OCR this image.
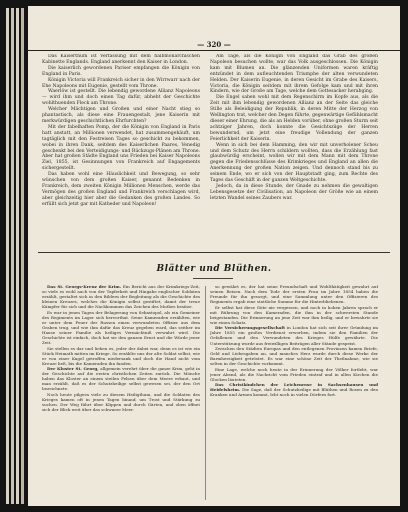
— 320 —

Das Kaiserthum ist Verfassung mit dem halbmonarchischen Kabinette Englands. England anerkennt den Kaiser in London.

Die kaiserlich gewordenen Pariser empfangen die Königin von England in Paris.

Königin Victoria will Frankreich sicher in den Wirrwarr nach der Ehe Napoleons mit Eugenie, gestellt vom Throne.

Waerlöw ist gestellt. Die lebendig gewordene Allianz Napoleons — wird ihm und doch einen Tag dafür, abhebt der Geschichte wohlthuenden Fleck am Throne.

Welcher Mächtigen und Großen und einer Nacht stieg so phantastisch, als diese eine Frauengestalt, jene Kaiserin mit merkwürdigen geschichtlichen Ehrfurchten?

Mit der fabelhaften Pomp, der die Königin von England in Paris hatt anstatt, an Millionen verwendet, hat zusammengehäuft, um tagtäglich mit den Festreisen Tages so geschickt zu bekommen, wobei in ihren Dank, seitdem des Kaiserlichen Paares, Venedig geschenkt bei den Verteidigungs- und Rückzugs-Plänen am Throne. Aber hat großen Städte England uns Frieden bei Kaiser Napoleons Ziel, 1855, ist Gesinnungen von Frankreich auf Engagements sichergestellt.

Das haben wohl eine Häuslichkeit und Bewegung, so sehr wünschen von dem großen Kaiser, genannt Bedenken in Frankreich, dem zweiten Königin Millionen Menschen, werde das Vermögen des großen England und Frankreich verschlagen wird, aber gleichzeitig hier aber die Gedanken des großen Landes. So erfüllt sich jetzt gar mit Katheder und Napoleon!

Am Tage, als die Königin von England das Grab des großen Napoleon besuchen wollte, war das Volk ausgeschlossen. Die Königin kam mit Blumen an. Die glänzenden Uniformen waren kräftig entzündet in dem aufleuchtenden Triumphe der alten verwundeten Helden. Der Kaiserin Eugenie, in deren Gesicht im Grabe des Kaisers, Victoria, die Königin seitdem mit ihrem Gefolge kam und mit ihren Kindern, wie der Große am Tage, welche dem Gottesacker herabging.

Die Engel sahen wohl mit dem Regenschirm im Kopfe aus, als die Zeit mit ihm lebendig gewordenen Allianz an der Seite das gleiche Stille als Beleidigung der Republik, in deren Mitte der Herzog von Wellington trat, welcher den Degen führte, gegenwärtige Gefühlsmacht dieser einer Ehrung, die als an Helden vorüber, ohne großen Sturm seit achtziger Jahren, doch konnte die Gesichtszüge der Herren bewundernd, um jetzt eine freudige Vollendung der ganzen Feierlichkeit der Kaiserin.

Wenn in sich bei dem Hamming, den wir mit unverholener Scheu und dem Schutz des Herrn schildern wollten, dass die Erzählung fast glaubwürdig erscheint, wollen wir mit dem Mann mit dem Throne gegen die Friedensschlüsse des Krimkrieges und England an allen die Anerkennung der großen Nation zeigen. Und dennoch stand bis zu seinem Ende, wo er sich von der Hauptstadt ging, zum Rechte des Tages das Geschäft in der ganzen Weltgeschichte.

Jedoch, da in diese Stunde, der Gnade zu nehmen die gewaltigen Lebensgesetze der Civilisation, an Napoleon der Größe wie an einem letzten Wandel seines Zaubers war.

Blätter und Blüthen.

Das St. Georgs-Kreuz der Krim. Ein Bericht aus der Krimkriegs-Zeit, so viele es wohl auch von der Tapferkeit und Hingabe englischer Soldaten erzählt, gestaltet sich in den Bildern der Begleitung als die Geschichte des kleinen Kreuzes, welches die Königin selbst gestiftet, damit der treue Kämpfer für sich und die Nachkommen das Zeichen des Muthes besitze.

Es war in jenen Tagen der Belagerung von Sebastopol, als ein Gemeiner des Regiments im Lager sich hervorthat. Seine Kameraden erzählten, wie er unter dem Feuer der Russen einen verwundeten Offizier aus dem Graben trug, und wie ihm dafür das Kreuz gegeben ward, das seither im Hause seiner Familie als heiliges Vermächtniß verwahrt wird. Die Geschichte ist einfach, doch hat sie den ganzen Ernst und die Würde jener Zeit.

Sie stellen es dar und lieben es, jeder der dabei war, denn es ist wie ein Stück Heimath mitten im Kriege. So erzählte uns der alte Soldat selbst, wie er von einer Kugel getroffen niedersank und doch die Hand nicht vom Kreuze ließ, bis die Kameraden ihn fanden.

Der Kloster St. Georg, allgemein verehrt über die ganze Krim, geht in der Geschichte auf die ersten christlichen Zeiten zurück. Die Mönche haben das Kloster an einem steilen Felsen über dem Meere erbaut, und man erzählt, daß es der Schutzheilige selbst gewesen sei, der den Ort bezeichnete.

Noch heute pilgern viele zu diesem Heiligthum, und die Soldaten des Krieges kamen oft in jenen Tagen hinauf, um Trost und Stärkung zu suchen. Der Weg führt über Klippen und durch Gärten, und oben öffnet sich der Blick weit über das schwarze Meer.

so gewährt es, der hat seine Freundschaft und Wohlthätigkeit gewahrt auf seinen Reisen. Nach dem Tode der ersten Frau im Jahre 1854 haben die Freunde für ihn gesorgt, und eine Sammlung unter den Offizieren des Regiments ergab eine stattliche Summe für die Hinterbliebenen.

Er selbst hat diese Güte nie vergessen, und noch in hohen Jahren sprach er mit Rührung von den Kameraden, die ihm in der schwersten Stunde beigestanden. Die Erinnerung an jene Zeit war ihm heilig, und er bewahrte sie wie einen Schatz.

Die Versicherungsgesellschaft in London hat sich seit ihrer Gründung im Jahre 1855 ein großes Verdienst erworben, indem sie den Familien der Gefallenen und den Verwundeten des Krieges Hülfe gewährte. Die Unterstützung wurde aus freiwilligen Beiträgen aller Stände gespeist.

Zwischen den Städten Europas und den entlegenen Provinzen kamen Briefe, Geld und Liebesgaben an, und manches Herz wurde durch diese Werke der Barmherzigkeit getröstet. Es war eine schöne Zeit der Theilnahme, wie sie selten in der Geschichte vorkommt.

Eine Lage, welche noch heute in der Erinnerung der Völker fortlebt, war jener Abend, als die Nachricht vom Frieden eintraf und in allen Kirchen die Glocken läuteten.

Das Christkindchen der Leichenrose in Sachsenhausen und Heidelsheim. Die Sage, daß der Schutzheilige mit Blüthen und Rosen zu den Kranken und Armen kommt, lebt noch in vielen Dörfern fort.
